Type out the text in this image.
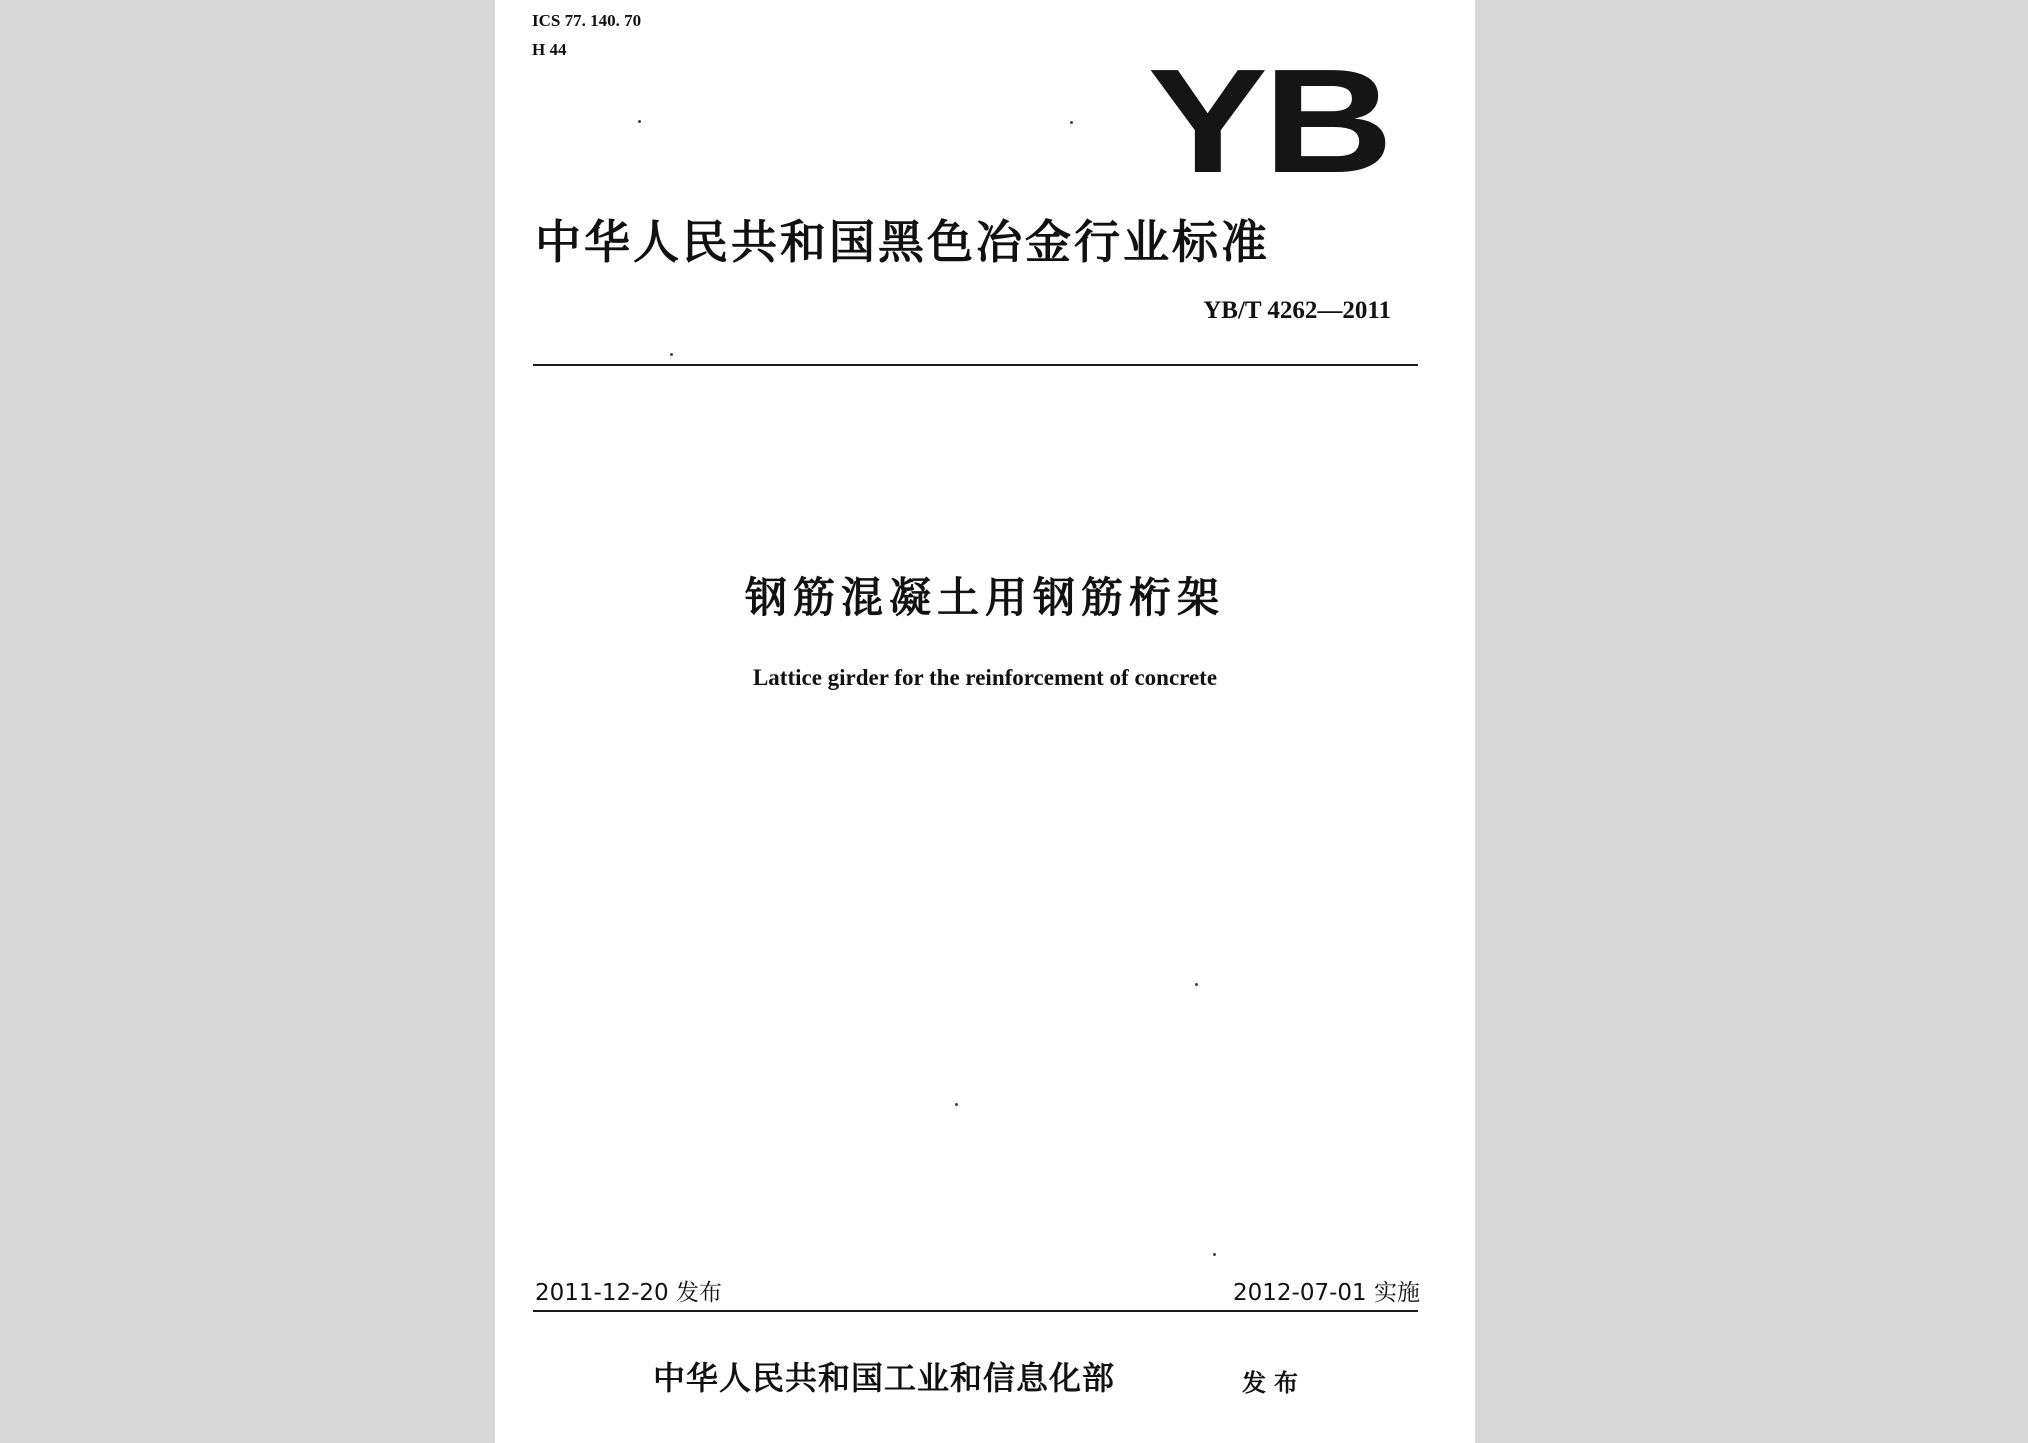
ICS 77. 140. 70
H 44	YB
中华人民共和国黑色冶金行业标准
YB/T 4262—2011
钢筋混凝土用钢筋桁架
Lattice girder for the reinforcement of concrete
2011-12-20 发布	2012-07-01 实施
中华人民共和国工业和信息化部	发布
